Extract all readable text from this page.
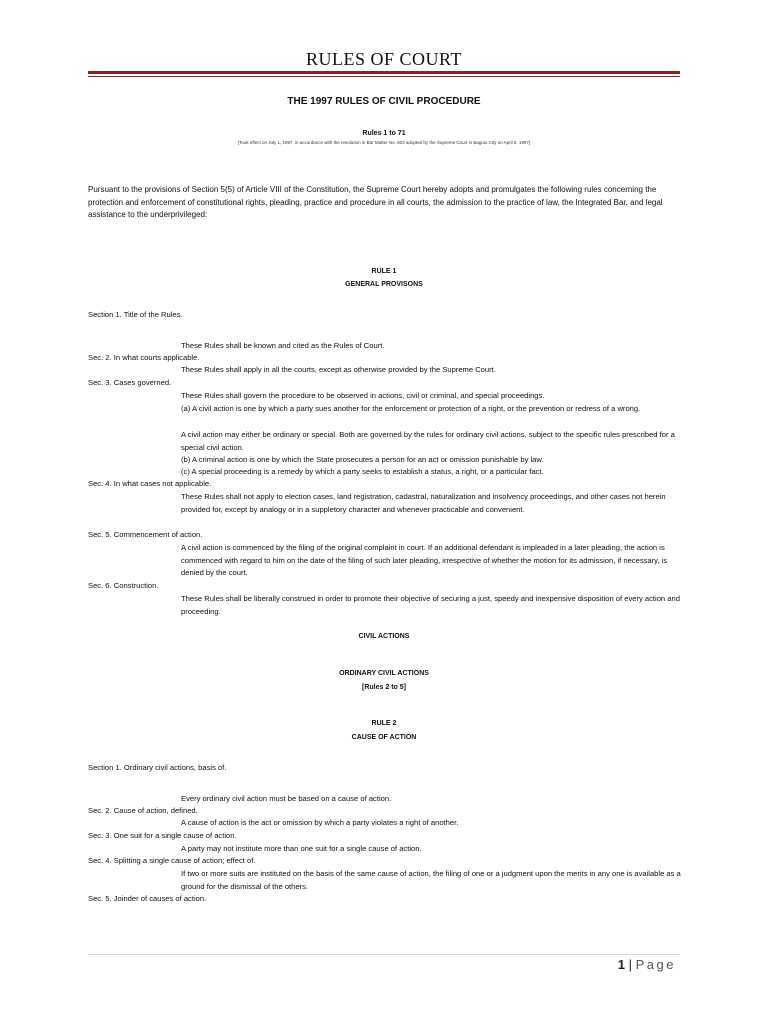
RULES OF COURT
THE 1997 RULES OF CIVIL PROCEDURE
Rules 1 to 71
[Took effect on July 1, 1997, in accordance with the resolution in Bar Matter No. 803 adopted by the Supreme Court in Baguio City on April 8, 1997]
Pursuant to the provisions of Section 5(5) of Article VIII of the Constitution, the Supreme Court hereby adopts and promulgates the following rules concerning the protection and enforcement of constitutional rights, pleading, practice and procedure in all courts, the admission to the practice of law, the Integrated Bar, and legal assistance to the underprivileged:
RULE 1
GENERAL PROVISONS
Section 1. Title of the Rules.
These Rules shall be known and cited as the Rules of Court.
Sec. 2. In what courts applicable.
These Rules shall apply in all the courts, except as otherwise provided by the Supreme Court.
Sec. 3. Cases governed.
These Rules shall govern the procedure to be observed in actions, civil or criminal, and special proceedings.
(a) A civil action is one by which a party sues another for the enforcement or protection of a right, or the prevention or redress of a wrong.
A civil action may either be ordinary or special. Both are governed by the rules for ordinary civil actions, subject to the specific rules prescribed for a special civil action.
(b) A criminal action is one by which the State prosecutes a person for an act or omission punishable by law.
(c) A special proceeding is a remedy by which a party seeks to establish a status, a right, or a particular fact.
Sec. 4. In what cases not applicable.
These Rules shall not apply to election cases, land registration, cadastral, naturalization and insolvency proceedings, and other cases not herein provided for, except by analogy or in a suppletory character and whenever practicable and convenient.
Sec. 5. Commencement of action.
A civil action is commenced by the filing of the original complaint in court. If an additional defendant is impleaded in a later pleading, the action is commenced with regard to him on the date of the filing of such later pleading, irrespective of whether the motion for its admission, if necessary, is denied by the court.
Sec. 6. Construction.
These Rules shall be liberally construed in order to promote their objective of securing a just, speedy and inexpensive disposition of every action and proceeding.
CIVIL ACTIONS
ORDINARY CIVIL ACTIONS
[Rules 2 to 5]
RULE 2
CAUSE OF ACTION
Section 1. Ordinary civil actions, basis of.
Every ordinary civil action must be based on a cause of action.
Sec. 2. Cause of action, defined.
A cause of action is the act or omission by which a party violates a right of another.
Sec. 3. One suit for a single cause of action.
A party may not institute more than one suit for a single cause of action.
Sec. 4. Splitting a single cause of action; effect of.
If two or more suits are instituted on the basis of the same cause of action, the filing of one or a judgment upon the merits in any one is available as a ground for the dismissal of the others.
Sec. 5. Joinder of causes of action.
1 | Page
